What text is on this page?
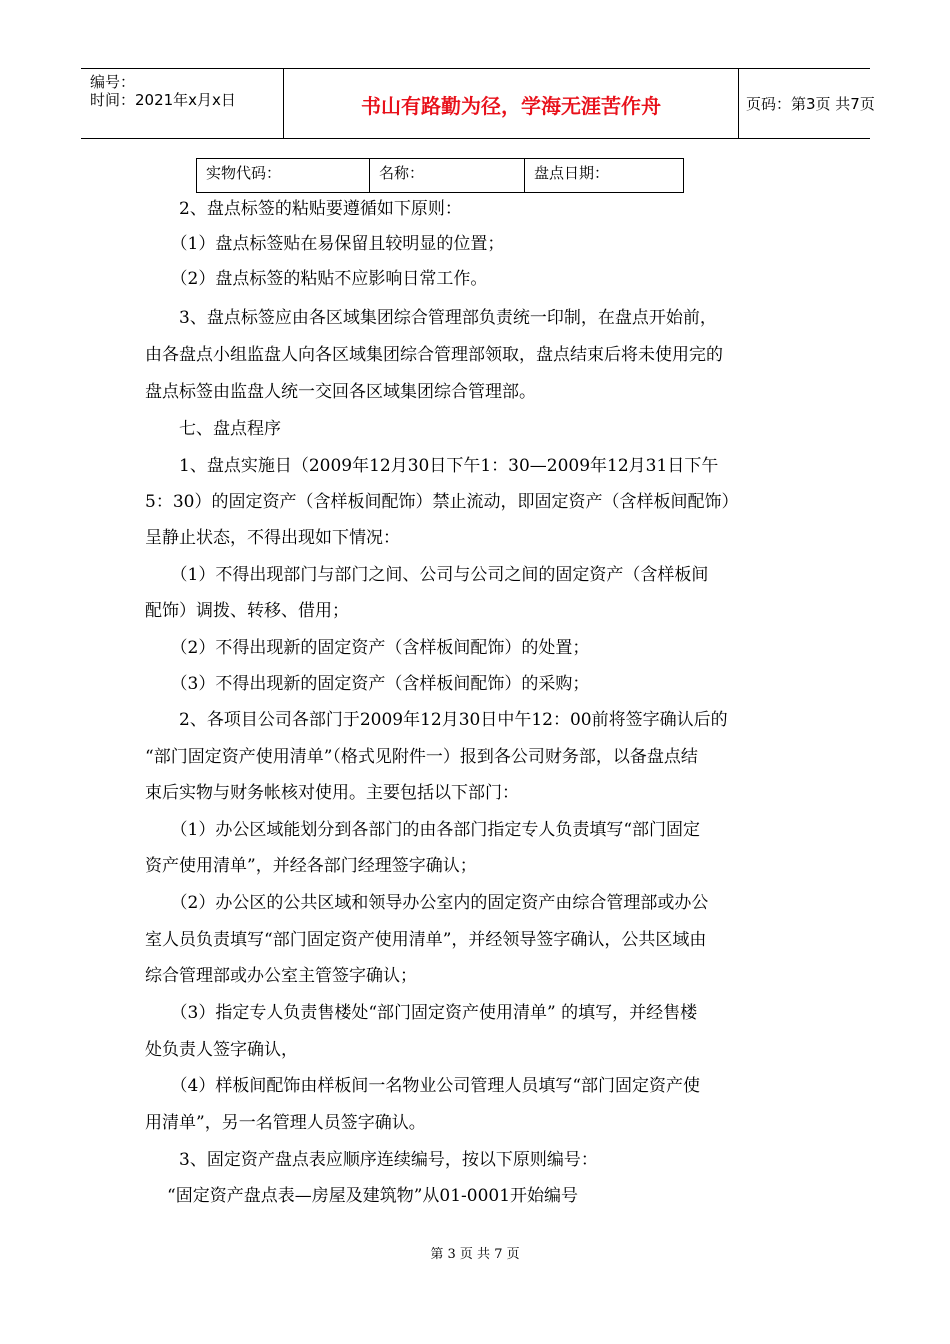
编号：
时间：2021年x月x日	书山有路勤为径，学海无涯苦作舟	页码：第3页 共7页
实物代码：	名称：	盘点日期：
　　2、盘点标签的粘贴要遵循如下原则：
　　（1）盘点标签贴在易保留且较明显的位置；
　　（2）盘点标签的粘贴不应影响日常工作。
　　3、盘点标签应由各区域集团综合管理部负责统一印制，在盘点开始前，
由各盘点小组监盘人向各区域集团综合管理部领取，盘点结束后将未使用完的
盘点标签由监盘人统一交回各区域集团综合管理部。
　　七、盘点程序
　　1、盘点实施日（2009年12月30日下午1：30—2009年12月31日下午
5：30）的固定资产（含样板间配饰）禁止流动，即固定资产（含样板间配饰）
呈静止状态，不得出现如下情况：
　　（1）不得出现部门与部门之间、公司与公司之间的固定资产（含样板间
配饰）调拨、转移、借用；
　　（2）不得出现新的固定资产（含样板间配饰）的处置；
　　（3）不得出现新的固定资产（含样板间配饰）的采购；
　　2、各项目公司各部门于2009年12月30日中午12：00前将签字确认后的
“部门固定资产使用清单”（格式见附件一）报到各公司财务部，以备盘点结
束后实物与财务帐核对使用。主要包括以下部门：
　　（1）办公区域能划分到各部门的由各部门指定专人负责填写“部门固定
资产使用清单”，并经各部门经理签字确认；
　　（2）办公区的公共区域和领导办公室内的固定资产由综合管理部或办公
室人员负责填写“部门固定资产使用清单”，并经领导签字确认，公共区域由
综合管理部或办公室主管签字确认；
　　（3）指定专人负责售楼处“部门固定资产使用清单” 的填写，并经售楼
处负责人签字确认，
　　（4）样板间配饰由样板间一名物业公司管理人员填写“部门固定资产使
用清单”，另一名管理人员签字确认。
　　3、固定资产盘点表应顺序连续编号，按以下原则编号：
“固定资产盘点表—房屋及建筑物”从01-0001开始编号
第 3 页 共 7 页
